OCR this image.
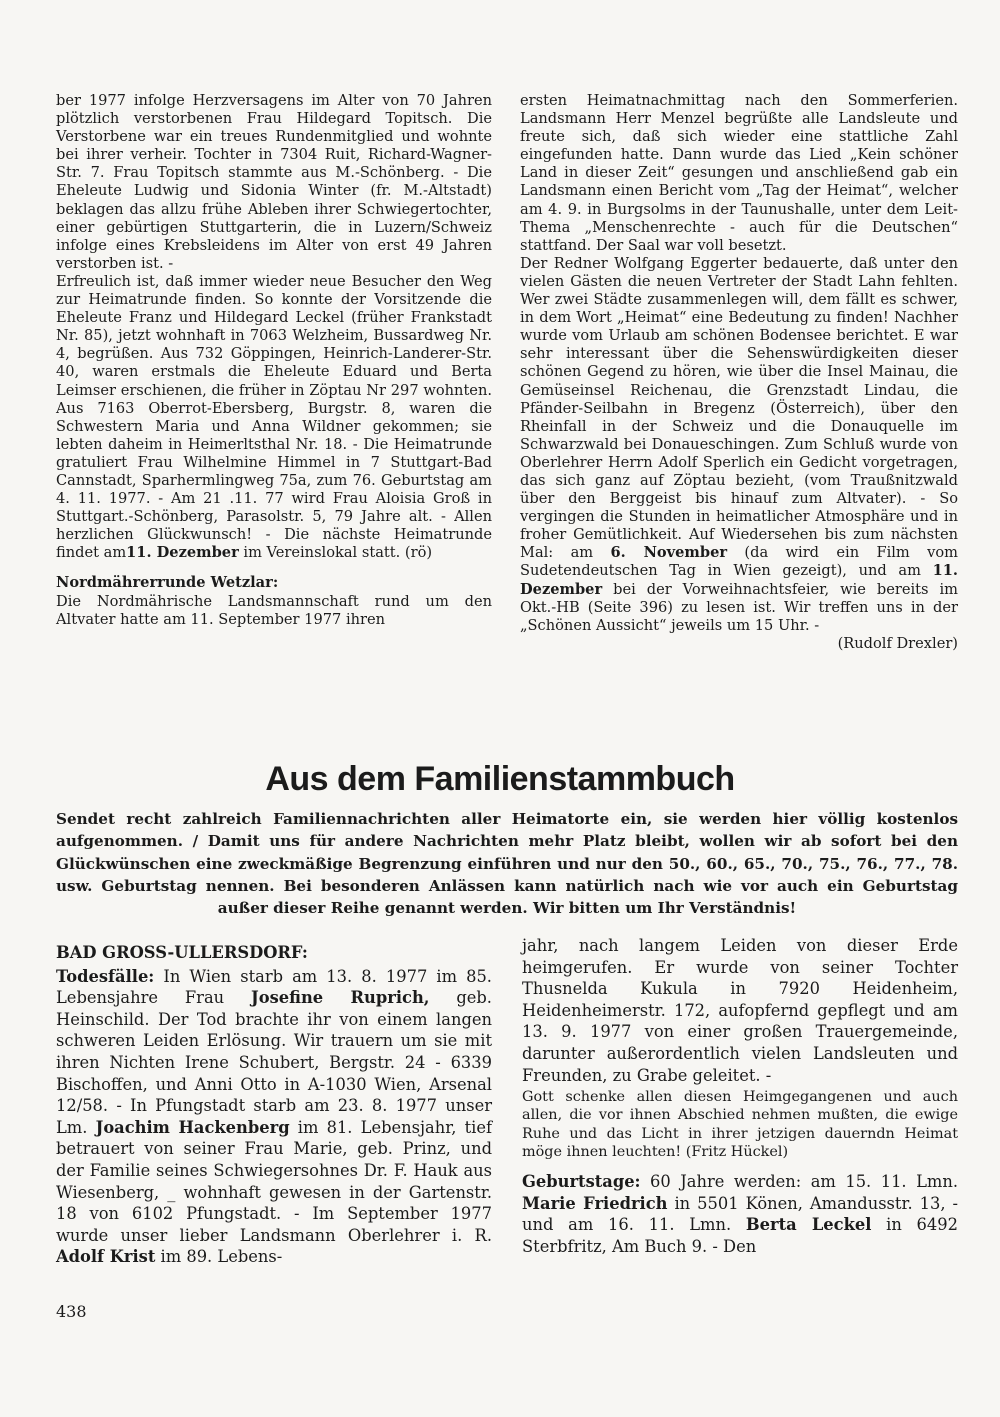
ber 1977 infolge Herzversagens im Alter von 70 Jahren plötzlich verstorbenen Frau Hildegard Topitsch. Die Verstorbene war ein treues Rundenmitglied und wohnte bei ihrer verheir. Tochter in 7304 Ruit, Richard-Wagner-Str. 7. Frau Topitsch stammte aus M.-Schönberg. - Die Eheleute Ludwig und Sidonia Winter (fr. M.-Altstadt) beklagen das allzu frühe Ableben ihrer Schwiegertochter, einer gebürtigen Stuttgarterin, die in Luzern/Schweiz infolge eines Krebsleidens im Alter von erst 49 Jahren verstorben ist. -

Erfreulich ist, daß immer wieder neue Besucher den Weg zur Heimatrunde finden. So konnte der Vorsitzende die Eheleute Franz und Hildegard Leckel (früher Frankstadt Nr. 85), jetzt wohnhaft in 7063 Welzheim, Bussardweg Nr. 4, begrüßen. Aus 732 Göppingen, Heinrich-Landerer-Str. 40, waren erstmals die Eheleute Eduard und Berta Leimser erschienen, die früher in Zöptau Nr 297 wohnten. Aus 7163 Oberrot-Ebersberg, Burgstr. 8, waren die Schwestern Maria und Anna Wildner gekommen; sie lebten daheim in Heimerltsthal Nr. 18. - Die Heimatrunde gratuliert Frau Wilhelmine Himmel in 7 Stuttgart-Bad Cannstadt, Sparhermlingweg 75a, zum 76. Geburtstag am 4. 11. 1977. - Am 21 .11. 77 wird Frau Aloisia Groß in Stuttgart.-Schönberg, Parasolstr. 5, 79 Jahre alt. - Allen herzlichen Glückwunsch! - Die nächste Heimatrunde findet am11. Dezember im Vereinslokal statt. (rö)

Nordmährerrunde Wetzlar:

Die Nordmährische Landsmannschaft rund um den Altvater hatte am 11. September 1977 ihren

ersten Heimatnachmittag nach den Sommerferien. Landsmann Herr Menzel begrüßte alle Landsleute und freute sich, daß sich wieder eine stattliche Zahl eingefunden hatte. Dann wurde das Lied „Kein schöner Land in dieser Zeit“ gesungen und anschließend gab ein Landsmann einen Bericht vom „Tag der Heimat“, welcher am 4. 9. in Burgsolms in der Taunushalle, unter dem Leit-Thema „Menschenrechte - auch für die Deutschen“ stattfand. Der Saal war voll besetzt.

Der Redner Wolfgang Eggerter bedauerte, daß unter den vielen Gästen die neuen Vertreter der Stadt Lahn fehlten. Wer zwei Städte zusammenlegen will, dem fällt es schwer, in dem Wort „Heimat“ eine Bedeutung zu finden! Nachher wurde vom Urlaub am schönen Bodensee berichtet. E war sehr interessant über die Sehenswürdigkeiten dieser schönen Gegend zu hören, wie über die Insel Mainau, die Gemüseinsel Reichenau, die Grenzstadt Lindau, die Pfänder-Seilbahn in Bregenz (Österreich), über den Rheinfall in der Schweiz und die Donauquelle im Schwarzwald bei Donaueschingen. Zum Schluß wurde von Oberlehrer Herrn Adolf Sperlich ein Gedicht vorgetragen, das sich ganz auf Zöptau bezieht, (vom Traußnitzwald über den Berggeist bis hinauf zum Altvater). - So vergingen die Stunden in heimatlicher Atmosphäre und in froher Gemütlichkeit. Auf Wiedersehen bis zum nächsten Mal: am 6. November (da wird ein Film vom Sudetendeutschen Tag in Wien gezeigt), und am 11. Dezember bei der Vorweihnachtsfeier, wie bereits im Okt.-HB (Seite 396) zu lesen ist. Wir treffen uns in der „Schönen Aussicht“ jeweils um 15 Uhr. -

(Rudolf Drexler)

Aus dem Familienstammbuch
Sendet recht zahlreich Familiennachrichten aller Heimatorte ein, sie werden hier völlig kostenlos aufgenommen. / Damit uns für andere Nachrichten mehr Platz bleibt, wollen wir ab sofort bei den Glückwünschen eine zweckmäßige Begrenzung einführen und nur den 50., 60., 65., 70., 75., 76., 77., 78. usw. Geburtstag nennen. Bei besonderen Anlässen kann natürlich nach wie vor auch ein Geburtstag außer dieser Reihe genannt werden. Wir bitten um Ihr Verständnis!

BAD GROSS-ULLERSDORF:

Todesfälle: In Wien starb am 13. 8. 1977 im 85. Lebensjahre Frau Josefine Ruprich, geb. Heinschild. Der Tod brachte ihr von einem langen schweren Leiden Erlösung. Wir trauern um sie mit ihren Nichten Irene Schubert, Bergstr. 24 - 6339 Bischoffen, und Anni Otto in A-1030 Wien, Arsenal 12/58. - In Pfungstadt starb am 23. 8. 1977 unser Lm. Joachim Hackenberg im 81. Lebensjahr, tief betrauert von seiner Frau Marie, geb. Prinz, und der Familie seines Schwiegersohnes Dr. F. Hauk aus Wiesenberg, _ wohnhaft gewesen in der Gartenstr. 18 von 6102 Pfungstadt. - Im September 1977 wurde unser lieber Landsmann Oberlehrer i. R. Adolf Krist im 89. Lebens-

jahr, nach langem Leiden von dieser Erde heimgerufen. Er wurde von seiner Tochter Thusnelda Kukula in 7920 Heidenheim, Heidenheimerstr. 172, aufopfernd gepflegt und am 13. 9. 1977 von einer großen Trauergemeinde, darunter außerordentlich vielen Landsleuten und Freunden, zu Grabe geleitet. -

Gott schenke allen diesen Heimgegangenen und auch allen, die vor ihnen Abschied nehmen mußten, die ewige Ruhe und das Licht in ihrer jetzigen dauerndn Heimat möge ihnen leuchten! (Fritz Hückel)

Geburtstage: 60 Jahre werden: am 15. 11. Lmn. Marie Friedrich in 5501 Könen, Amandusstr. 13, - und am 16. 11. Lmn. Berta Leckel in 6492 Sterbfritz, Am Buch 9. - Den

438
